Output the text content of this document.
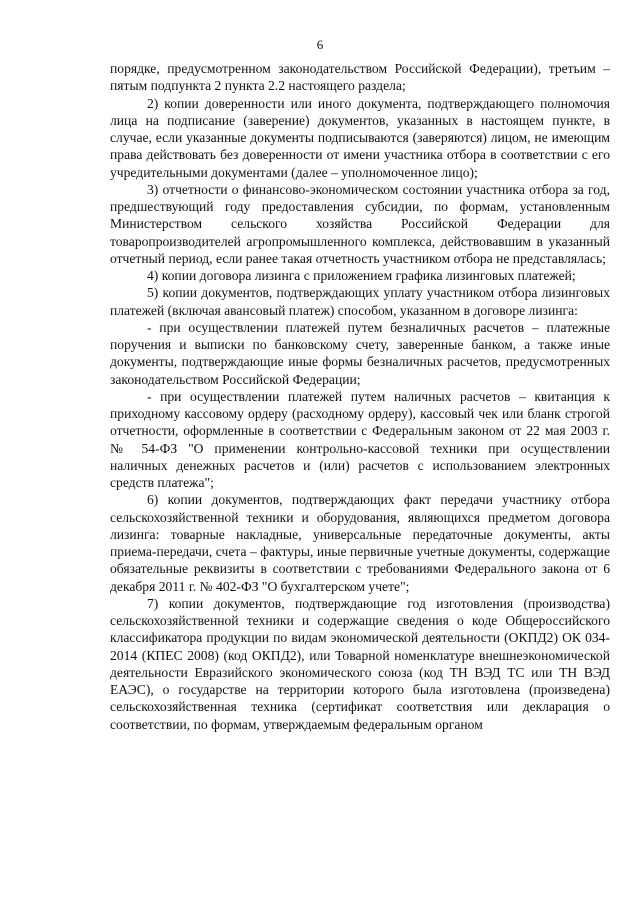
6

порядке, предусмотренном законодательством Российской Федерации), третьим – пятым подпункта 2 пункта 2.2 настоящего раздела;

2) копии доверенности или иного документа, подтверждающего полномочия лица на подписание (заверение) документов, указанных в настоящем пункте, в случае, если указанные документы подписываются (заверяются) лицом, не имеющим права действовать без доверенности от имени участника отбора в соответствии с его учредительными документами (далее – уполномоченное лицо);

3) отчетности о финансово-экономическом состоянии участника отбора за год, предшествующий году предоставления субсидии, по формам, установленным Министерством сельского хозяйства Российской Федерации для товаропроизводителей агропромышленного комплекса, действовавшим в указанный отчетный период, если ранее такая отчетность участником отбора не представлялась;

4) копии договора лизинга с приложением графика лизинговых платежей;

5) копии документов, подтверждающих уплату участником отбора лизинговых платежей (включая авансовый платеж) способом, указанном в договоре лизинга:

- при осуществлении платежей путем безналичных расчетов – платежные поручения и выписки по банковскому счету, заверенные банком, а также иные документы, подтверждающие иные формы безналичных расчетов, предусмотренных законодательством Российской Федерации;

- при осуществлении платежей путем наличных расчетов – квитанция к приходному кассовому ордеру (расходному ордеру), кассовый чек или бланк строгой отчетности, оформленные в соответствии с Федеральным законом от 22 мая 2003 г. № 54-ФЗ "О применении контрольно-кассовой техники при осуществлении наличных денежных расчетов и (или) расчетов с использованием электронных средств платежа";

6) копии документов, подтверждающих факт передачи участнику отбора сельскохозяйственной техники и оборудования, являющихся предметом договора лизинга: товарные накладные, универсальные передаточные документы, акты приема-передачи, счета – фактуры, иные первичные учетные документы, содержащие обязательные реквизиты в соответствии с требованиями Федерального закона от 6 декабря 2011 г. № 402-ФЗ "О бухгалтерском учете";

7) копии документов, подтверждающие год изготовления (производства) сельскохозяйственной техники и содержащие сведения о коде Общероссийского классификатора продукции по видам экономической деятельности (ОКПД2) ОК 034-2014 (КПЕС 2008) (код ОКПД2), или Товарной номенклатуре внешнеэкономической деятельности Евразийского экономического союза (код ТН ВЭД ТС или ТН ВЭД ЕАЭС), о государстве на территории которого была изготовлена (произведена) сельскохозяйственная техника (сертификат соответствия или декларация о соответствии, по формам, утверждаемым федеральным органом
